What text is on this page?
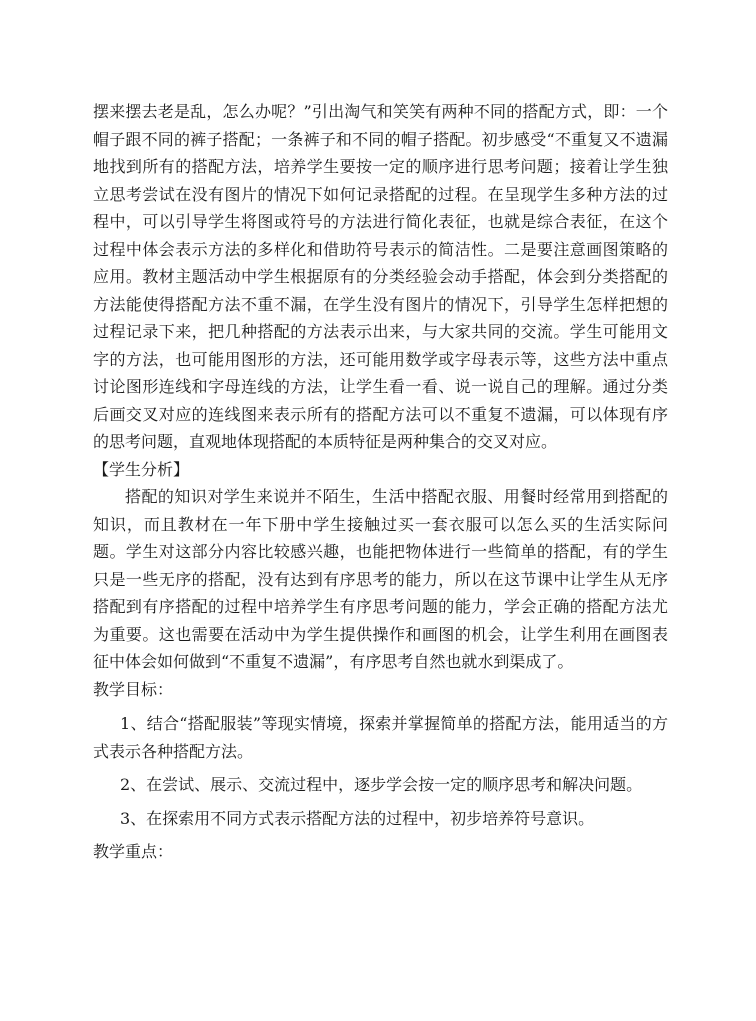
摆来摆去老是乱，怎么办呢？”引出淘气和笑笑有两种不同的搭配方式，即：一个帽子跟不同的裤子搭配；一条裤子和不同的帽子搭配。初步感受“不重复又不遗漏地找到所有的搭配方法，培养学生要按一定的顺序进行思考问题；接着让学生独立思考尝试在没有图片的情况下如何记录搭配的过程。在呈现学生多种方法的过程中，可以引导学生将图或符号的方法进行简化表征，也就是综合表征，在这个过程中体会表示方法的多样化和借助符号表示的简洁性。二是要注意画图策略的应用。教材主题活动中学生根据原有的分类经验会动手搭配，体会到分类搭配的方法能使得搭配方法不重不漏，在学生没有图片的情况下，引导学生怎样把想的过程记录下来，把几种搭配的方法表示出来，与大家共同的交流。学生可能用文字的方法，也可能用图形的方法，还可能用数学或字母表示等，这些方法中重点讨论图形连线和字母连线的方法，让学生看一看、说一说自己的理解。通过分类后画交叉对应的连线图来表示所有的搭配方法可以不重复不遗漏，可以体现有序的思考问题，直观地体现搭配的本质特征是两种集合的交叉对应。

【学生分析】

搭配的知识对学生来说并不陌生，生活中搭配衣服、用餐时经常用到搭配的知识，而且教材在一年下册中学生接触过买一套衣服可以怎么买的生活实际问题。学生对这部分内容比较感兴趣，也能把物体进行一些简单的搭配，有的学生只是一些无序的搭配，没有达到有序思考的能力，所以在这节课中让学生从无序搭配到有序搭配的过程中培养学生有序思考问题的能力，学会正确的搭配方法尤为重要。这也需要在活动中为学生提供操作和画图的机会，让学生利用在画图表征中体会如何做到“不重复不遗漏”，有序思考自然也就水到渠成了。

教学目标：

1、结合“搭配服装”等现实情境，探索并掌握简单的搭配方法，能用适当的方式表示各种搭配方法。

2、在尝试、展示、交流过程中，逐步学会按一定的顺序思考和解决问题。

3、在探索用不同方式表示搭配方法的过程中，初步培养符号意识。

教学重点：
